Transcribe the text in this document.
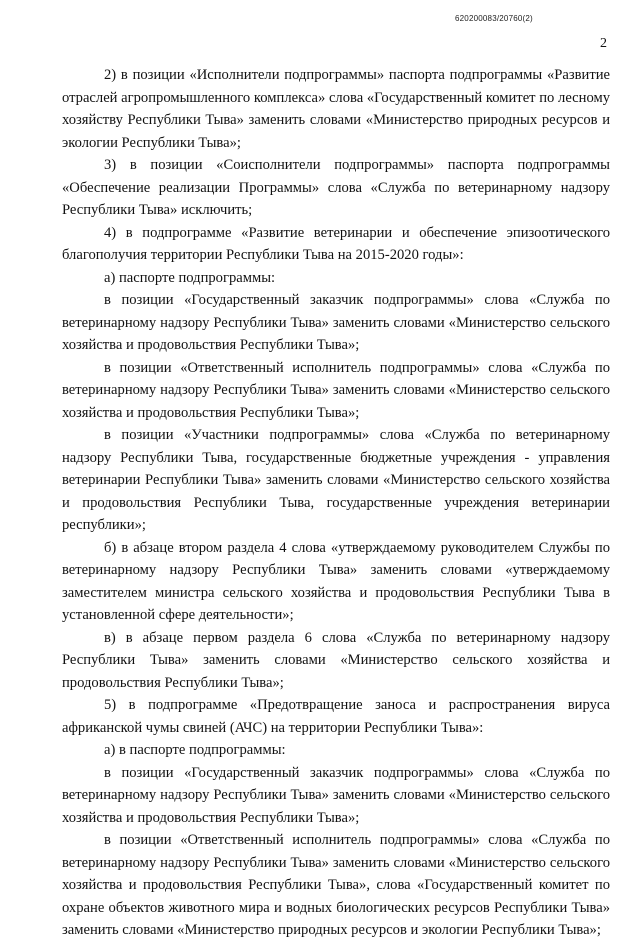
620200083/20760(2)
2

2) в позиции «Исполнители подпрограммы» паспорта подпрограммы «Развитие отраслей агропромышленного комплекса» слова «Государственный комитет по лесному хозяйству Республики Тыва» заменить словами «Министерство природных ресурсов и экологии Республики Тыва»;

3) в позиции «Соисполнители подпрограммы» паспорта подпрограммы «Обеспечение реализации Программы» слова «Служба по ветеринарному надзору Республики Тыва» исключить;

4) в подпрограмме «Развитие ветеринарии и обеспечение эпизоотического благополучия территории Республики Тыва на 2015-2020 годы»:

а) паспорте подпрограммы:

в позиции «Государственный заказчик подпрограммы» слова «Служба по ветеринарному надзору Республики Тыва» заменить словами «Министерство сельского хозяйства и продовольствия Республики Тыва»;

в позиции «Ответственный исполнитель подпрограммы» слова «Служба по ветеринарному надзору Республики Тыва» заменить словами «Министерство сельского хозяйства и продовольствия Республики Тыва»;

в позиции «Участники подпрограммы» слова «Служба по ветеринарному надзору Республики Тыва, государственные бюджетные учреждения - управления ветеринарии Республики Тыва» заменить словами «Министерство сельского хозяйства и продовольствия Республики Тыва, государственные учреждения ветеринарии республики»;

б) в абзаце втором раздела 4 слова «утверждаемому руководителем Службы по ветеринарному надзору Республики Тыва» заменить словами «утверждаемому заместителем министра сельского хозяйства и продовольствия Республики Тыва в установленной сфере деятельности»;

в) в абзаце первом раздела 6 слова «Служба по ветеринарному надзору Республики Тыва» заменить словами «Министерство сельского хозяйства и продовольствия Республики Тыва»;

5) в подпрограмме «Предотвращение заноса и распространения вируса африканской чумы свиней (АЧС) на территории Республики Тыва»:

а) в паспорте подпрограммы:

в позиции «Государственный заказчик подпрограммы» слова «Служба по ветеринарному надзору Республики Тыва» заменить словами «Министерство сельского хозяйства и продовольствия Республики Тыва»;

в позиции «Ответственный исполнитель подпрограммы» слова «Служба по ветеринарному надзору Республики Тыва» заменить словами «Министерство сельского хозяйства и продовольствия Республики Тыва», слова «Государственный комитет по охране объектов животного мира и водных биологических ресурсов Республики Тыва» заменить словами «Министерство природных ресурсов и экологии Республики Тыва»;
